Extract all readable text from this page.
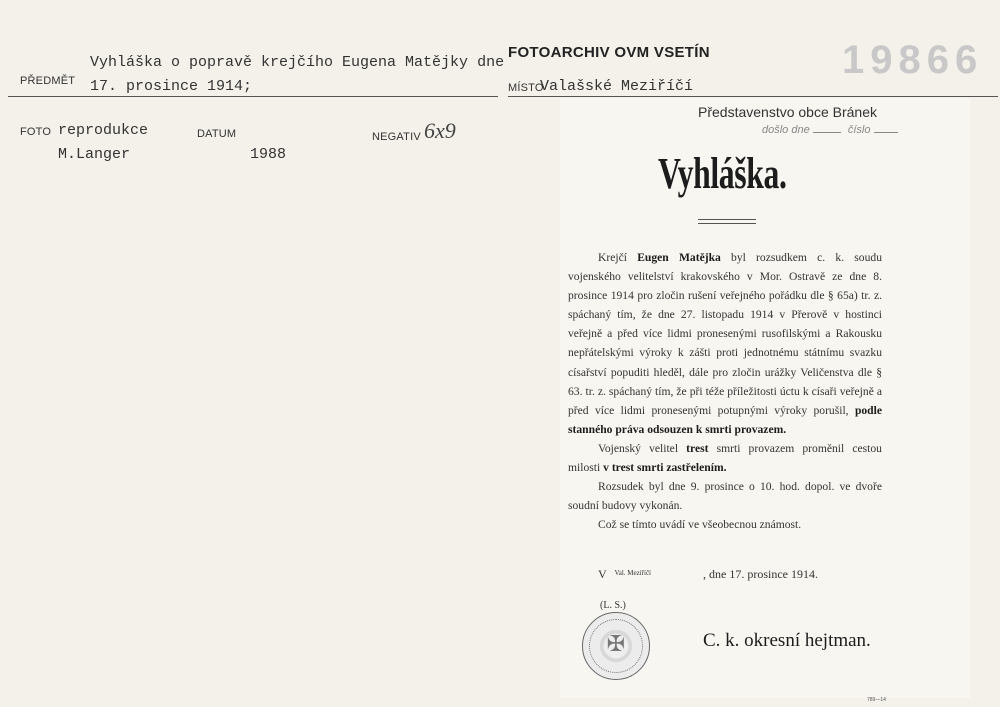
PŘEDMĚT
Vyhláška o popravě krejčího Eugena Matějky dne
17. prosince 1914;
FOTOARCHIV OVM VSETÍN	19866
MÍSTO
Valašské Meziříčí
FOTO reprodukce
M.Langer
DATUM
1988
NEGATIV 6x9
Představenstvo obce Bránek
došlo dne	číslo
Vyhláška.

Krejčí Eugen Matějka byl rozsudkem c. k. soudu vojenského velitelství krakovského v Mor. Ostravě ze dne 8. prosince 1914 pro zločin rušení veřejného pořádku dle § 65a) tr. z. spáchaný tím, že dne 27. listopadu 1914 v Přerově v hostinci veřejně a před více lidmi pronesenými rusofilskými a Rakousku nepřátelskými výroky k zášti proti jednotnému státnímu svazku císařství popuditi hleděl, dále pro zločin urážky Veličenstva dle § 63. tr. z. spáchaný tím, že při téže příležitosti úctu k císaři veřejně a před více lidmi pronesenými potupnými výroky porušil, podle stanného práva odsouzen k smrti provazem.

Vojenský velitel trest smrti provazem proměnil cestou milosti v trest smrti zastřelením.

Rozsudek byl dne 9. prosince o 10. hod. dopol. ve dvoře soudní budovy vykonán.

Což se tímto uvádí ve všeobecnou známost.

V $^{Val. Meziříčí}$	, dne 17. prosince 1914.
(L. S.)
✠	C. k. okresní hejtman.
789—14
